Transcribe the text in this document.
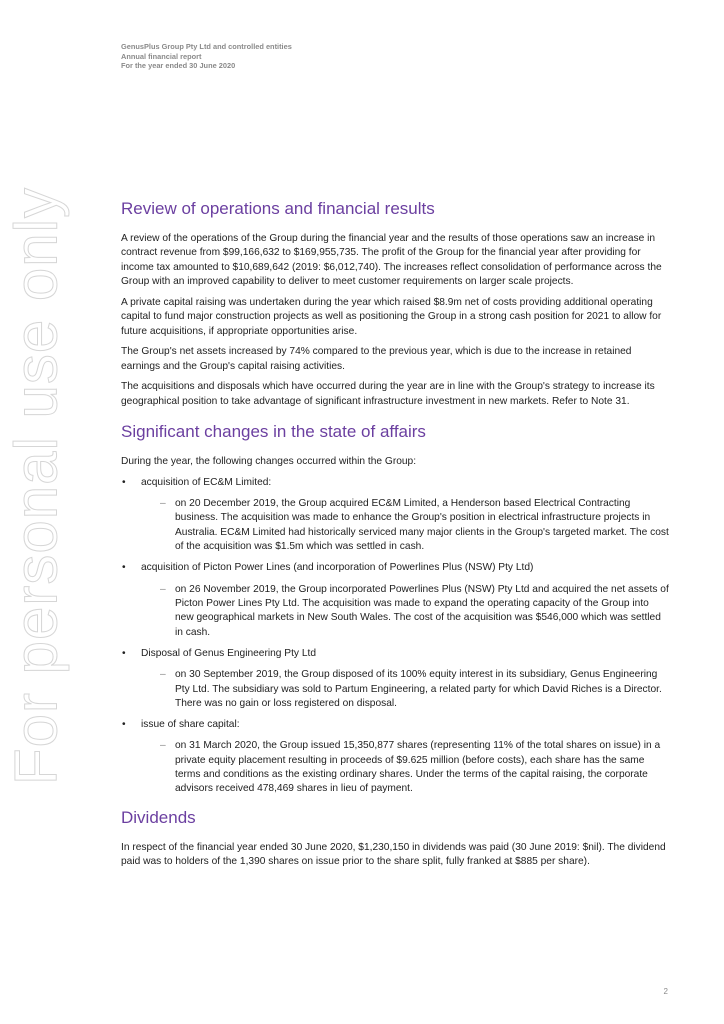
GenusPlus Group Pty Ltd and controlled entities
Annual financial report
For the year ended 30 June 2020
For personal use only	Review of operations and financial results

A review of the operations of the Group during the financial year and the results of those operations saw an increase in contract revenue from $99,166,632 to $169,955,735. The profit of the Group for the financial year after providing for income tax amounted to $10,689,642 (2019: $6,012,740). The increases reflect consolidation of performance across the Group with an improved capability to deliver to meet customer requirements on larger scale projects.

A private capital raising was undertaken during the year which raised $8.9m net of costs providing additional operating capital to fund major construction projects as well as positioning the Group in a strong cash position for 2021 to allow for future acquisitions, if appropriate opportunities arise.

The Group's net assets increased by 74% compared to the previous year, which is due to the increase in retained earnings and the Group's capital raising activities.

The acquisitions and disposals which have occurred during the year are in line with the Group's strategy to increase its geographical position to take advantage of significant infrastructure investment in new markets. Refer to Note 31.

Significant changes in the state of affairs

During the year, the following changes occurred within the Group:

• acquisition of EC&M Limited:
– on 20 December 2019, the Group acquired EC&M Limited, a Henderson based Electrical Contracting business. The acquisition was made to enhance the Group's position in electrical infrastructure projects in Australia. EC&M Limited had historically serviced many major clients in the Group's targeted market. The cost of the acquisition was $1.5m which was settled in cash.
• acquisition of Picton Power Lines (and incorporation of Powerlines Plus (NSW) Pty Ltd)
– on 26 November 2019, the Group incorporated Powerlines Plus (NSW) Pty Ltd and acquired the net assets of Picton Power Lines Pty Ltd. The acquisition was made to expand the operating capacity of the Group into new geographical markets in New South Wales. The cost of the acquisition was $546,000 which was settled in cash.
• Disposal of Genus Engineering Pty Ltd
– on 30 September 2019, the Group disposed of its 100% equity interest in its subsidiary, Genus Engineering Pty Ltd. The subsidiary was sold to Partum Engineering, a related party for which David Riches is a Director. There was no gain or loss registered on disposal.
• issue of share capital:
– on 31 March 2020, the Group issued 15,350,877 shares (representing 11% of the total shares on issue) in a private equity placement resulting in proceeds of $9.625 million (before costs), each share has the same terms and conditions as the existing ordinary shares. Under the terms of the capital raising, the corporate advisors received 478,469 shares in lieu of payment.
Dividends

In respect of the financial year ended 30 June 2020, $1,230,150 in dividends was paid (30 June 2019: $nil). The dividend paid was to holders of the 1,390 shares on issue prior to the share split, fully franked at $885 per share).

2
